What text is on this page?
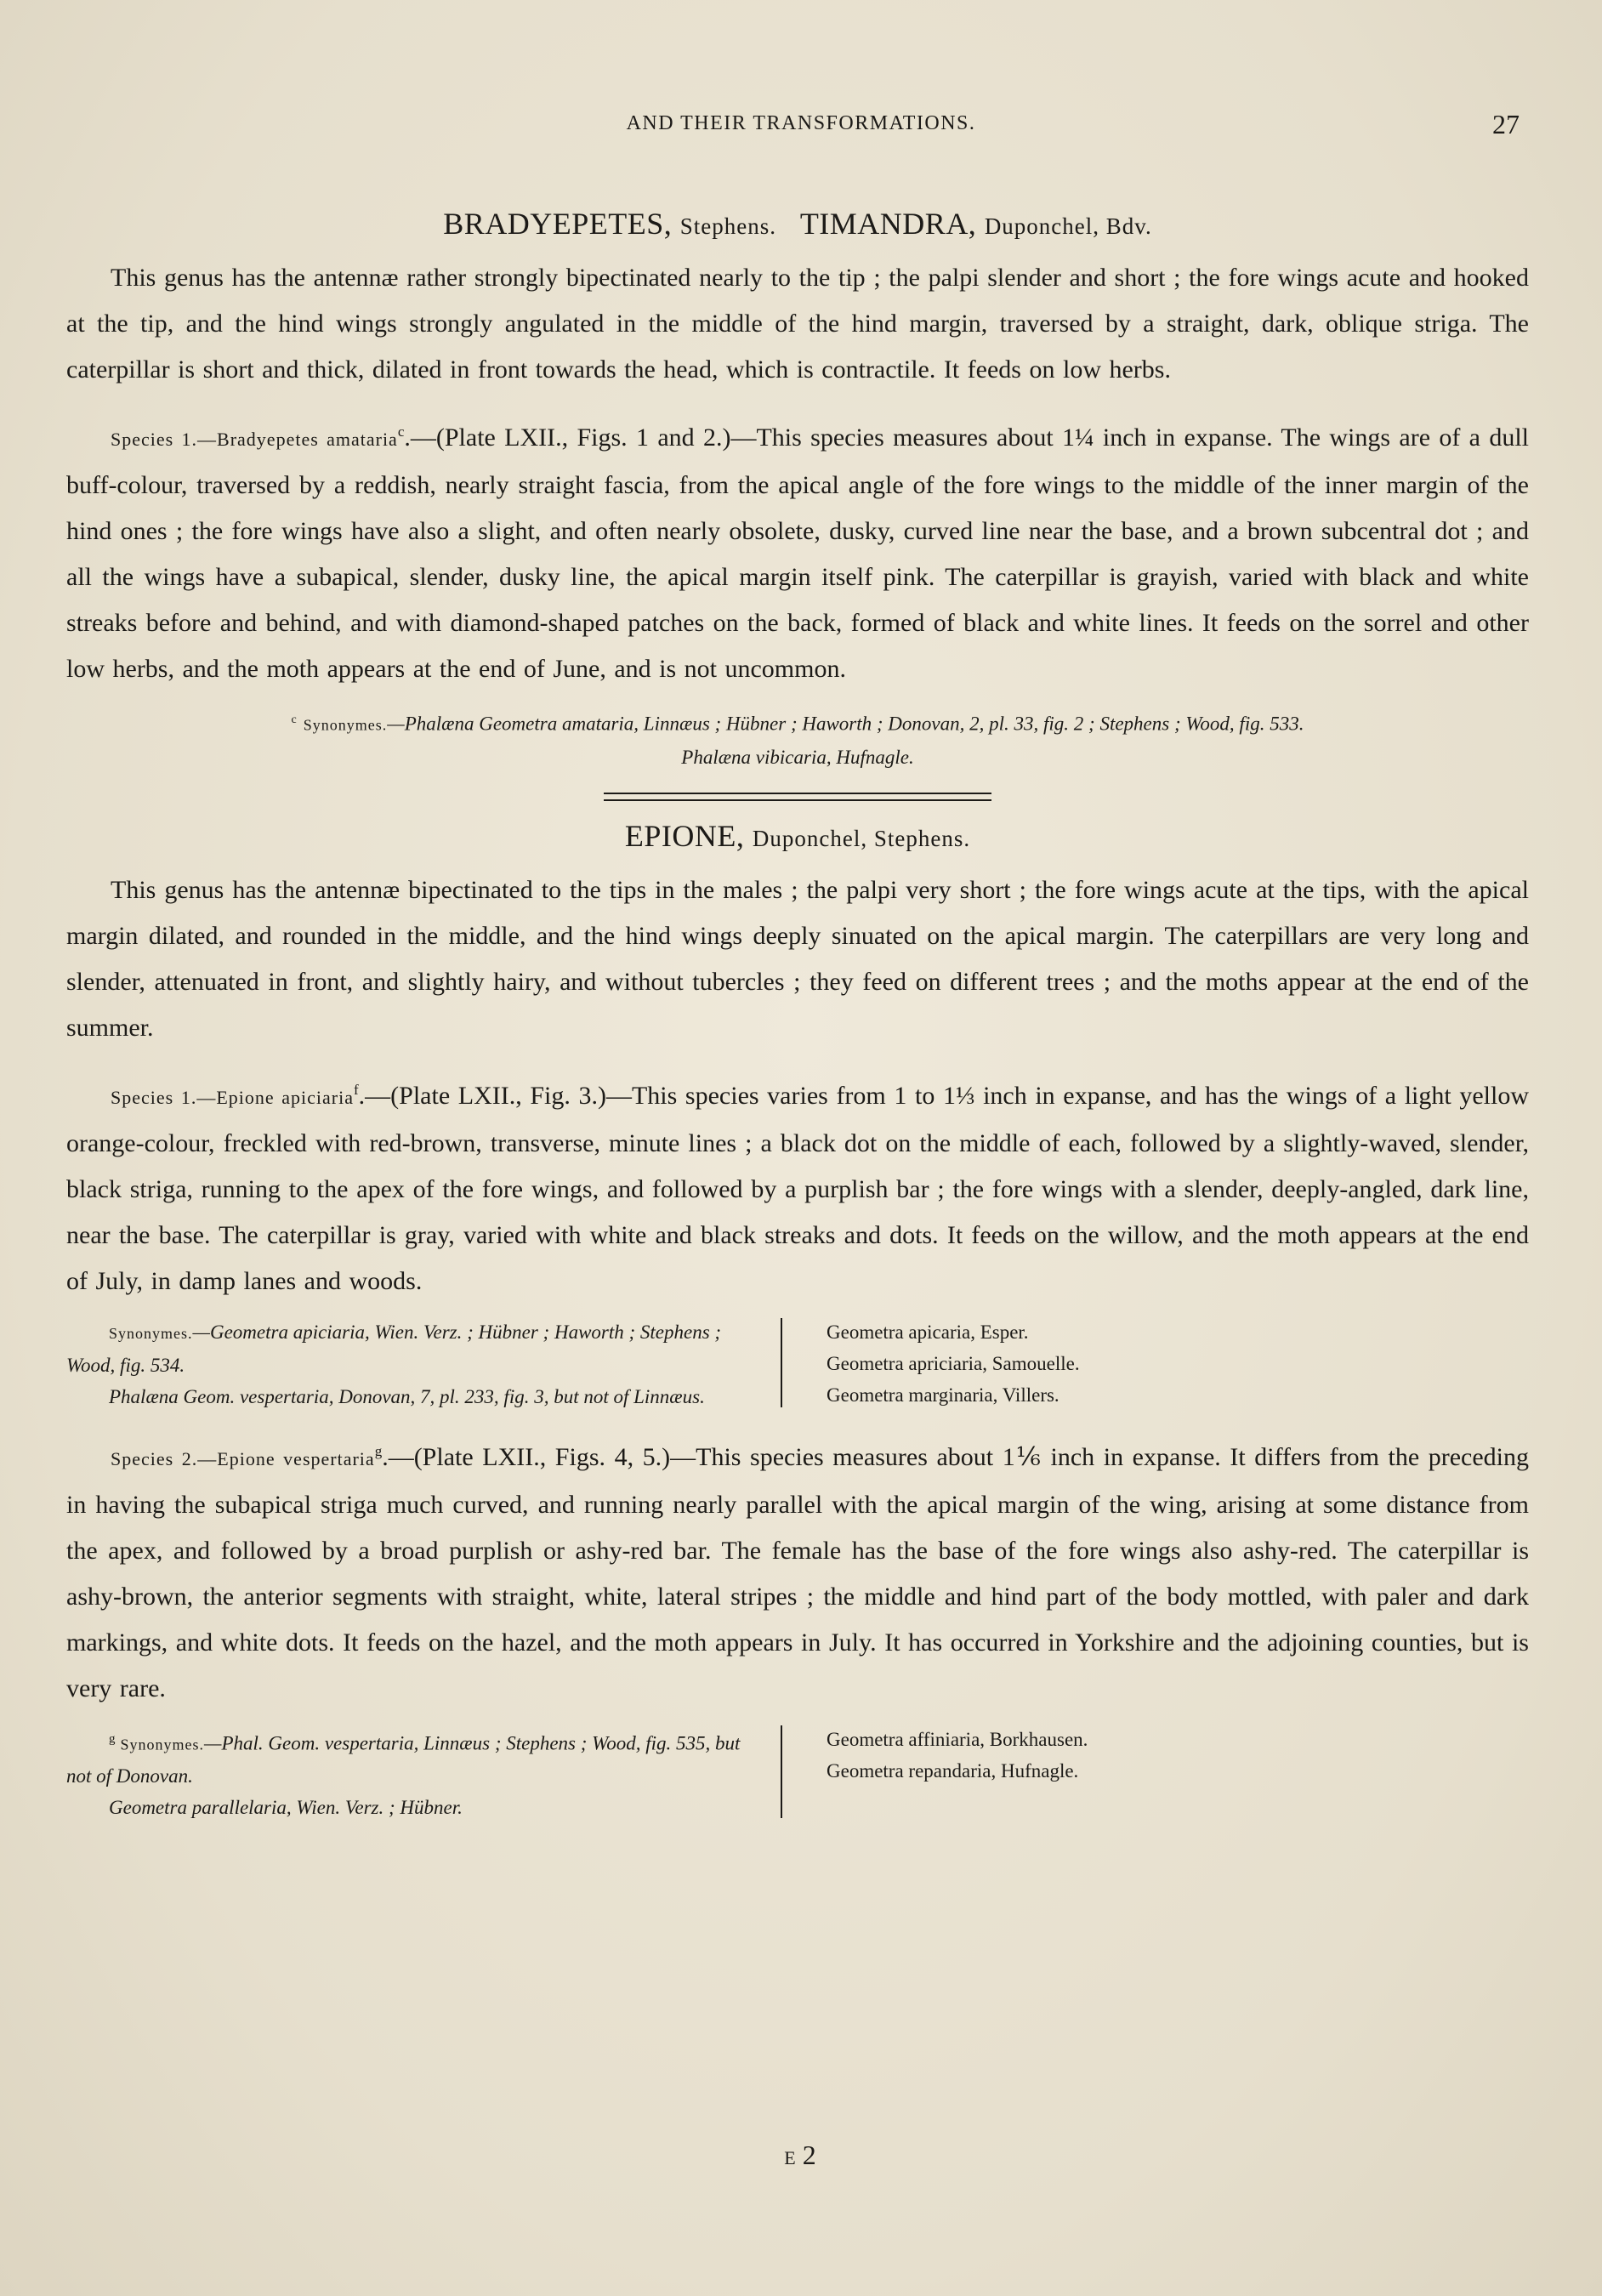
AND THEIR TRANSFORMATIONS.	27
BRADYEPETES, Stephens.   TIMANDRA, Duponchel, Bdv.

This genus has the antennæ rather strongly bipectinated nearly to the tip ; the palpi slender and short ; the fore wings acute and hooked at the tip, and the hind wings strongly angulated in the middle of the hind margin, traversed by a straight, dark, oblique striga. The caterpillar is short and thick, dilated in front towards the head, which is contractile. It feeds on low herbs.

Species 1.—Bradyepetes amataria$^c$.—(Plate LXII., Figs. 1 and 2.)—This species measures about 1¼ inch in expanse. The wings are of a dull buff-colour, traversed by a reddish, nearly straight fascia, from the apical angle of the fore wings to the middle of the inner margin of the hind ones ; the fore wings have also a slight, and often nearly obsolete, dusky, curved line near the base, and a brown subcentral dot ; and all the wings have a subapical, slender, dusky line, the apical margin itself pink. The caterpillar is grayish, varied with black and white streaks before and behind, and with diamond-shaped patches on the back, formed of black and white lines. It feeds on the sorrel and other low herbs, and the moth appears at the end of June, and is not uncommon.

$^c$ Synonymes.—Phalæna Geometra amataria, Linnæus ; Hübner ; Haworth ; Donovan, 2, pl. 33, fig. 2 ; Stephens ; Wood, fig. 533.
Phalæna vibicaria, Hufnagle.
EPIONE, Duponchel, Stephens.

This genus has the antennæ bipectinated to the tips in the males ; the palpi very short ; the fore wings acute at the tips, with the apical margin dilated, and rounded in the middle, and the hind wings deeply sinuated on the apical margin. The caterpillars are very long and slender, attenuated in front, and slightly hairy, and without tubercles ; they feed on different trees ; and the moths appear at the end of the summer.

Species 1.—Epione apiciaria$^f$.—(Plate LXII., Fig. 3.)—This species varies from 1 to 1⅓ inch in expanse, and has the wings of a light yellow orange-colour, freckled with red-brown, transverse, minute lines ; a black dot on the middle of each, followed by a slightly-waved, slender, black striga, running to the apex of the fore wings, and followed by a purplish bar ; the fore wings with a slender, deeply-angled, dark line, near the base. The caterpillar is gray, varied with white and black streaks and dots. It feeds on the willow, and the moth appears at the end of July, in damp lanes and woods.

Synonymes.—Geometra apiciaria, Wien. Verz. ; Hübner ; Haworth ; Stephens ; Wood, fig. 534.
Phalæna Geom. vespertaria, Donovan, 7, pl. 233, fig. 3, but not of Linnæus.
Geometra apicaria, Esper.
Geometra apriciaria, Samouelle.
Geometra marginaria, Villers.

Species 2.—Epione vespertaria$^g$.—(Plate LXII., Figs. 4, 5.)—This species measures about 1⅙ inch in expanse. It differs from the preceding in having the subapical striga much curved, and running nearly parallel with the apical margin of the wing, arising at some distance from the apex, and followed by a broad purplish or ashy-red bar. The female has the base of the fore wings also ashy-red. The caterpillar is ashy-brown, the anterior segments with straight, white, lateral stripes ; the middle and hind part of the body mottled, with paler and dark markings, and white dots. It feeds on the hazel, and the moth appears in July. It has occurred in Yorkshire and the adjoining counties, but is very rare.

$^g$ Synonymes.—Phal. Geom. vespertaria, Linnæus ; Stephens ; Wood, fig. 535, but not of Donovan.
Geometra parallelaria, Wien. Verz. ; Hübner.
Geometra affiniaria, Borkhausen.
Geometra repandaria, Hufnagle.
E 2
